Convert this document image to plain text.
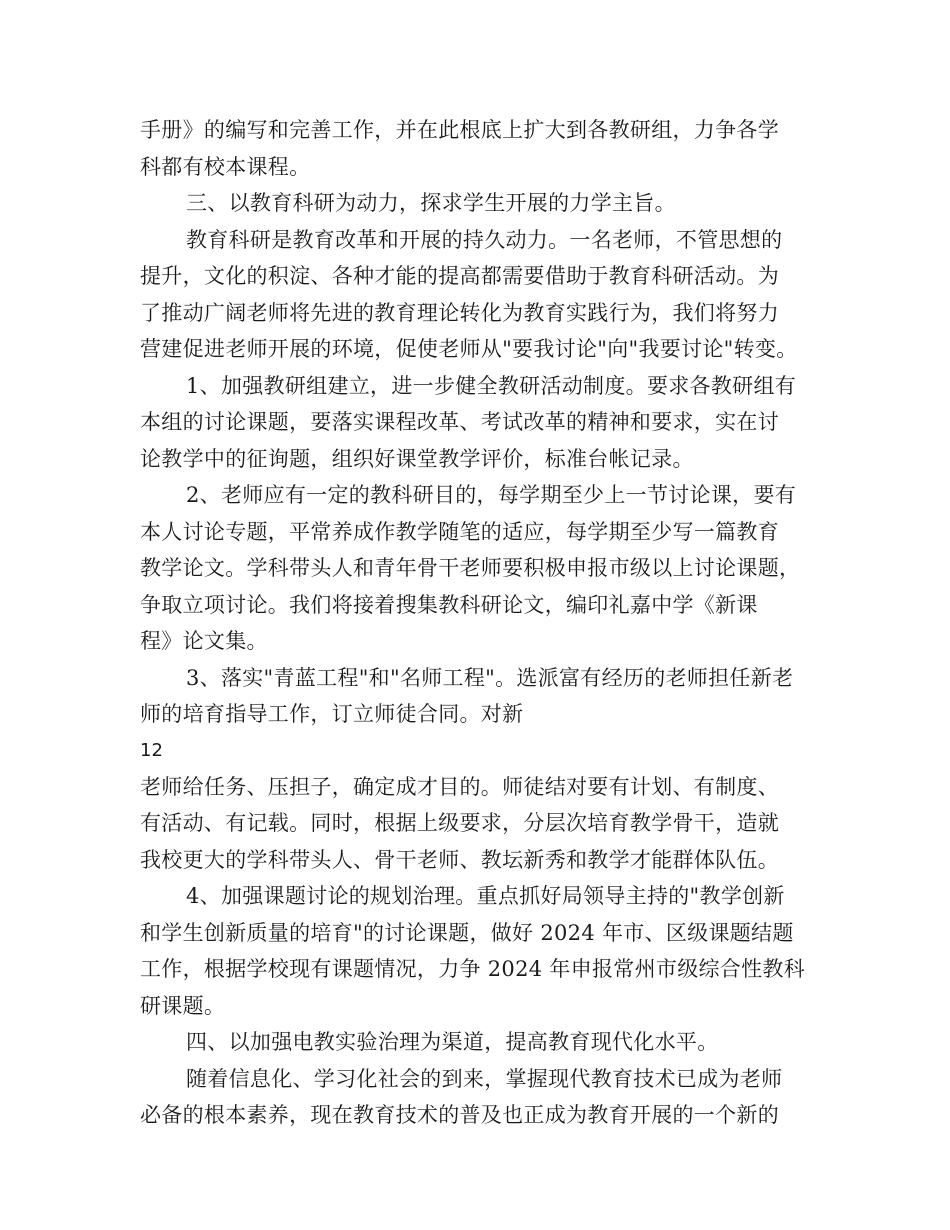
手册》的编写和完善工作，并在此根底上扩大到各教研组，力争各学
科都有校本课程。
三、以教育科研为动力，探求学生开展的力学主旨。
教育科研是教育改革和开展的持久动力。一名老师，不管思想的
提升，文化的积淀、各种才能的提高都需要借助于教育科研活动。为
了推动广阔老师将先进的教育理论转化为教育实践行为，我们将努力
营建促进老师开展的环境，促使老师从"要我讨论"向"我要讨论"转变。
1、加强教研组建立，进一步健全教研活动制度。要求各教研组有
本组的讨论课题，要落实课程改革、考试改革的精神和要求，实在讨
论教学中的征询题，组织好课堂教学评价，标准台帐记录。
2、老师应有一定的教科研目的，每学期至少上一节讨论课，要有
本人讨论专题，平常养成作教学随笔的适应，每学期至少写一篇教育
教学论文。学科带头人和青年骨干老师要积极申报市级以上讨论课题，
争取立项讨论。我们将接着搜集教科研论文，编印礼嘉中学《新课
程》论文集。
3、落实"青蓝工程"和"名师工程"。选派富有经历的老师担任新老
师的培育指导工作，订立师徒合同。对新
12
老师给任务、压担子，确定成才目的。师徒结对要有计划、有制度、
有活动、有记载。同时，根据上级要求，分层次培育教学骨干，造就
我校更大的学科带头人、骨干老师、教坛新秀和教学才能群体队伍。
4、加强课题讨论的规划治理。重点抓好局领导主持的"教学创新
和学生创新质量的培育"的讨论课题，做好 2024 年市、区级课题结题
工作，根据学校现有课题情况，力争 2024 年申报常州市级综合性教科
研课题。
四、以加强电教实验治理为渠道，提高教育现代化水平。
随着信息化、学习化社会的到来，掌握现代教育技术已成为老师
必备的根本素养，现在教育技术的普及也正成为教育开展的一个新的
